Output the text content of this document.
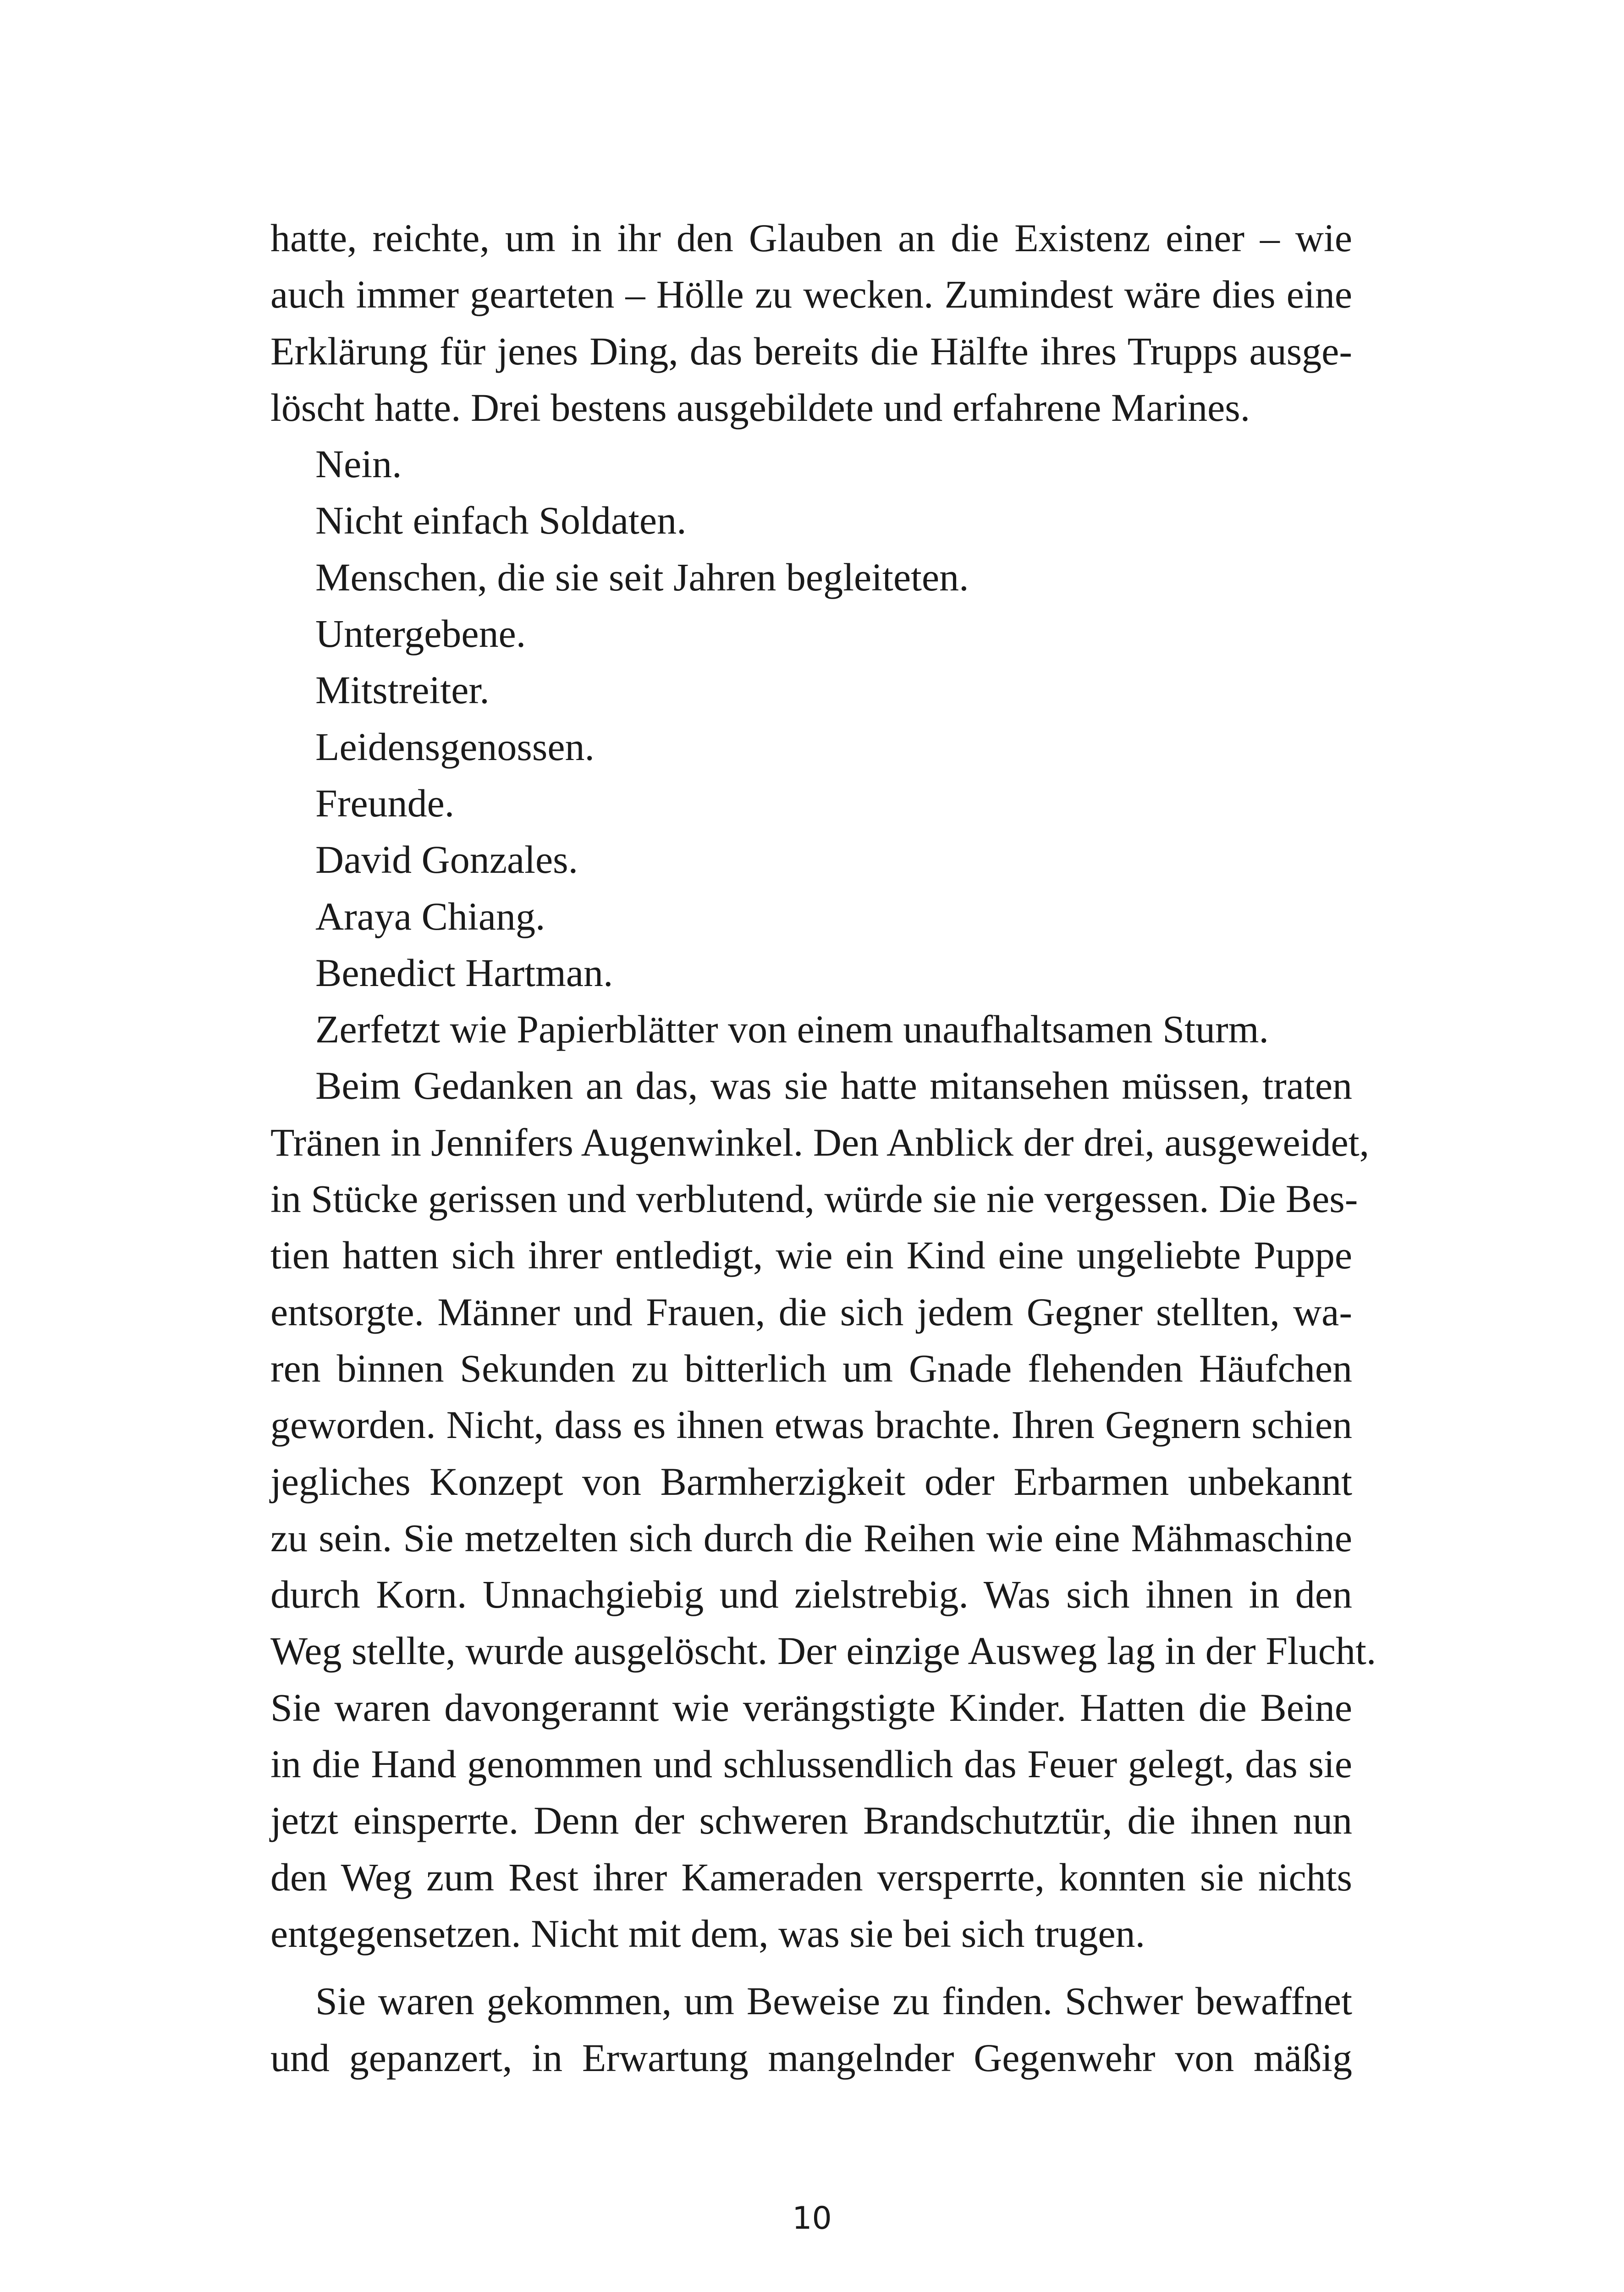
hatte, reichte, um in ihr den Glauben an die Existenz einer – wie
auch immer gearteten – Hölle zu wecken. Zumindest wäre dies eine
Erklärung für jenes Ding, das bereits die Hälfte ihres Trupps ausge-
löscht hatte. Drei bestens ausgebildete und erfahrene Marines.
Nein.
Nicht einfach Soldaten.
Menschen, die sie seit Jahren begleiteten.
Untergebene.
Mitstreiter.
Leidensgenossen.
Freunde.
David Gonzales.
Araya Chiang.
Benedict Hartman.
Zerfetzt wie Papierblätter von einem unaufhaltsamen Sturm.
Beim Gedanken an das, was sie hatte mitansehen müssen, traten
Tränen in Jennifers Augenwinkel. Den Anblick der drei, ausgeweidet,
in Stücke gerissen und verblutend, würde sie nie vergessen. Die Bes-
tien hatten sich ihrer entledigt, wie ein Kind eine ungeliebte Puppe
entsorgte. Männer und Frauen, die sich jedem Gegner stellten, wa-
ren binnen Sekunden zu bitterlich um Gnade flehenden Häufchen
geworden. Nicht, dass es ihnen etwas brachte. Ihren Gegnern schien
jegliches Konzept von Barmherzigkeit oder Erbarmen unbekannt
zu sein. Sie metzelten sich durch die Reihen wie eine Mähmaschine
durch Korn. Unnachgiebig und zielstrebig. Was sich ihnen in den
Weg stellte, wurde ausgelöscht. Der einzige Ausweg lag in der Flucht.
Sie waren davongerannt wie verängstigte Kinder. Hatten die Beine
in die Hand genommen und schlussendlich das Feuer gelegt, das sie
jetzt einsperrte. Denn der schweren Brandschutztür, die ihnen nun
den Weg zum Rest ihrer Kameraden versperrte, konnten sie nichts
entgegensetzen. Nicht mit dem, was sie bei sich trugen.
Sie waren gekommen, um Beweise zu finden. Schwer bewaffnet
und gepanzert, in Erwartung mangelnder Gegenwehr von mäßig
10
